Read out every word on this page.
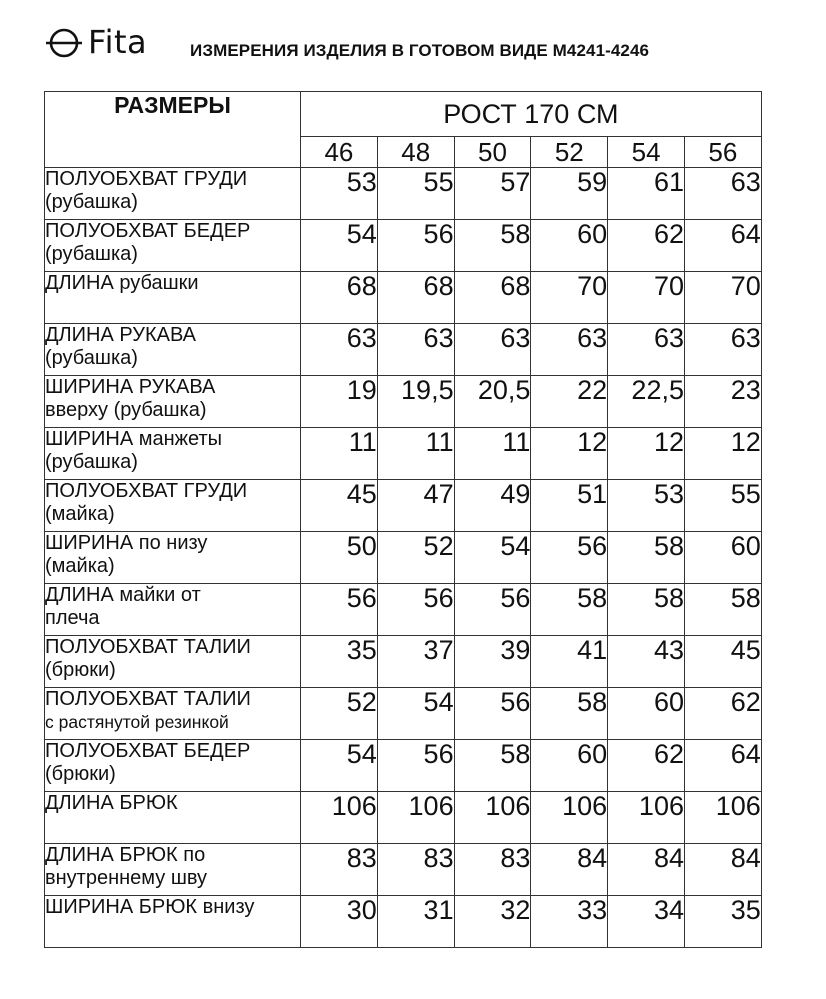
Fita	ИЗМЕРЕНИЯ ИЗДЕЛИЯ В ГОТОВОМ ВИДЕ М4241-4246
РАЗМЕРЫ	РОСТ 170 СМ					
	46	48	50	52	54	56

ПОЛУОБХВАТ ГРУДИ
(рубашка)	53	55	57	59	61	63

ПОЛУОБХВАТ БЕДЕР
(рубашка)	54	56	58	60	62	64

ДЛИНА рубашки	68	68	68	70	70	70

ДЛИНА РУКАВА
(рубашка)	63	63	63	63	63	63

ШИРИНА РУКАВА
вверху (рубашка)	19	19,5	20,5	22	22,5	23

ШИРИНА манжеты
(рубашка)	11	11	11	12	12	12

ПОЛУОБХВАТ ГРУДИ
(майка)	45	47	49	51	53	55

ШИРИНА по низу
(майка)	50	52	54	56	58	60

ДЛИНА майки от
плеча	56	56	56	58	58	58

ПОЛУОБХВАТ ТАЛИИ
(брюки)	35	37	39	41	43	45

ПОЛУОБХВАТ ТАЛИИ
с растянутой резинкой	52	54	56	58	60	62

ПОЛУОБХВАТ БЕДЕР
(брюки)	54	56	58	60	62	64

ДЛИНА БРЮК	106	106	106	106	106	106

ДЛИНА БРЮК по
внутреннему шву	83	83	83	84	84	84

ШИРИНА БРЮК внизу	30	31	32	33	34	35
